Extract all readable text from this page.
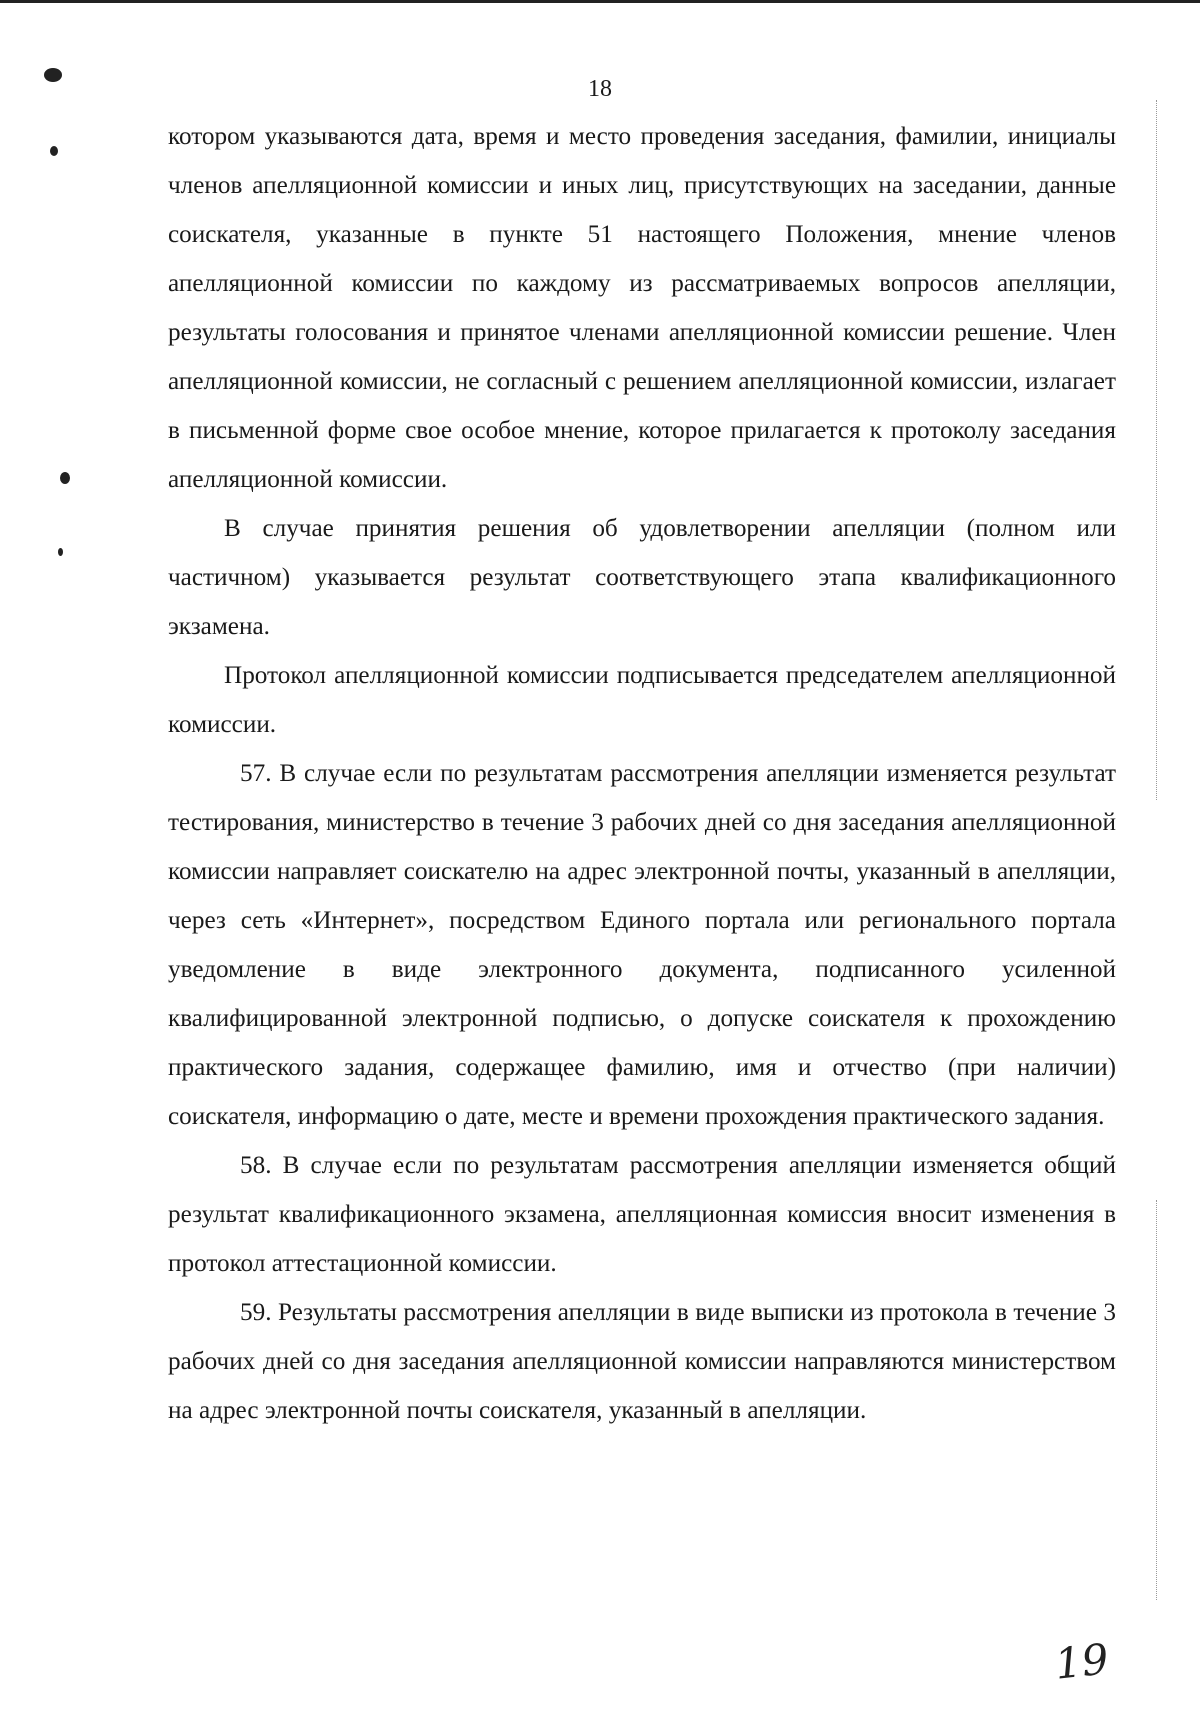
18

котором указываются дата, время и место проведения заседания, фамилии, инициалы членов апелляционной комиссии и иных лиц, присутствующих на заседании, данные соискателя, указанные в пункте 51 настоящего Положения, мнение членов апелляционной комиссии по каждому из рассматриваемых вопросов апелляции, результаты голосования и принятое членами апелляционной комиссии решение. Член апелляционной комиссии, не согласный с решением апелляционной комиссии, излагает в письменной форме свое особое мнение, которое прилагается к протоколу заседания апелляционной комиссии.

В случае принятия решения об удовлетворении апелляции (полном или частичном) указывается результат соответствующего этапа квалификационного экзамена.

Протокол апелляционной комиссии подписывается председателем апелляционной комиссии.

57. В случае если по результатам рассмотрения апелляции изменяется результат тестирования, министерство в течение 3 рабочих дней со дня заседания апелляционной комиссии направляет соискателю на адрес электронной почты, указанный в апелляции, через сеть «Интернет», посредством Единого портала или регионального портала уведомление в виде электронного документа, подписанного усиленной квалифицированной электронной подписью, о допуске соискателя к прохождению практического задания, содержащее фамилию, имя и отчество (при наличии) соискателя, информацию о дате, месте и времени прохождения практического задания.

58. В случае если по результатам рассмотрения апелляции изменяется общий результат квалификационного экзамена, апелляционная комиссия вносит изменения в протокол аттестационной комиссии.

59. Результаты рассмотрения апелляции в виде выписки из протокола в течение 3 рабочих дней со дня заседания апелляционной комиссии направляются министерством на адрес электронной почты соискателя, указанный в апелляции.

19
